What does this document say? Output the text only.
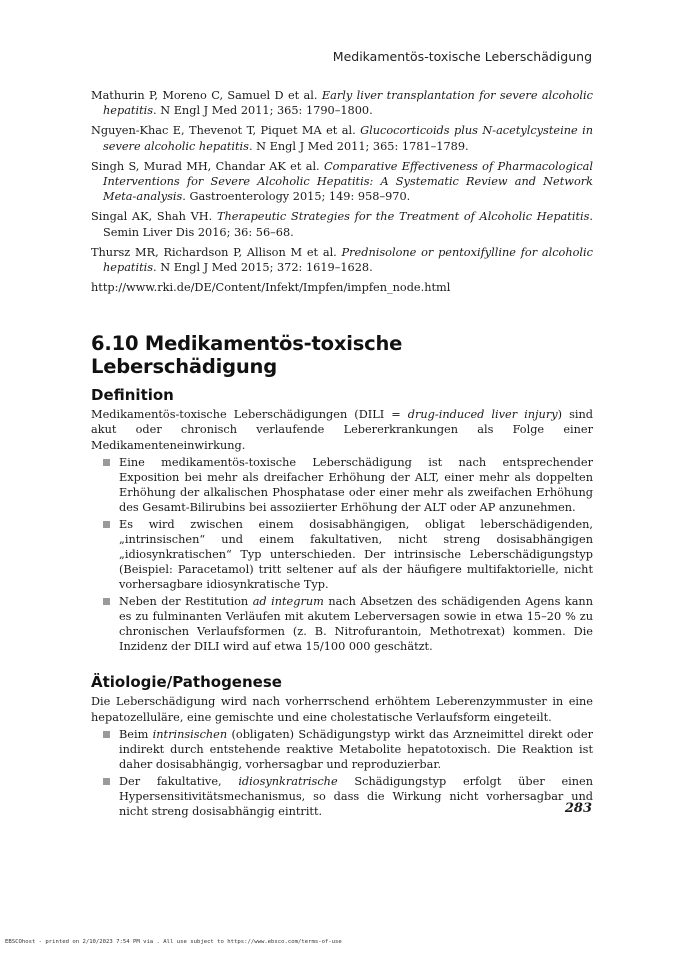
Medikamentös-toxische Leberschädigung
Mathurin P, Moreno C, Samuel D et al. Early liver transplantation for severe alcoholic hepatitis. N Engl J Med 2011; 365: 1790–1800.
Nguyen-Khac E, Thevenot T, Piquet MA et al. Glucocorticoids plus N-acetylcysteine in severe alcoholic hepatitis. N Engl J Med 2011; 365: 1781–1789.
Singh S, Murad MH, Chandar AK et al. Comparative Effectiveness of Pharmacological Interventions for Severe Alcoholic Hepatitis: A Systematic Review and Network Meta-analysis. Gastroenterology 2015; 149: 958–970.
Singal AK, Shah VH. Therapeutic Strategies for the Treatment of Alcoholic Hepatitis. Semin Liver Dis 2016; 36: 56–68.
Thursz MR, Richardson P, Allison M et al. Prednisolone or pentoxifylline for alcoholic hepatitis. N Engl J Med 2015; 372: 1619–1628.
http://www.rki.de/DE/Content/Infekt/Impfen/impfen_node.html
6.10 Medikamentös-toxische Leberschädigung
Definition

Medikamentös-toxische Leberschädigungen (DILI = drug-induced liver injury) sind akut oder chronisch verlaufende Lebererkrankungen als Folge einer Medikamenteneinwirkung.

Eine medikamentös-toxische Leberschädigung ist nach entsprechender Exposition bei mehr als dreifacher Erhöhung der ALT, einer mehr als doppelten Erhöhung der alkalischen Phosphatase oder einer mehr als zweifachen Erhöhung des Gesamt-Bilirubins bei assoziierter Erhöhung der ALT oder AP anzunehmen.
Es wird zwischen einem dosisabhängigen, obligat leberschädigenden, „intrinsischen“ und einem fakultativen, nicht streng dosisabhängigen „idiosynkratischen“ Typ unterschieden. Der intrinsische Leberschädigungstyp (Beispiel: Paracetamol) tritt seltener auf als der häufigere multifaktorielle, nicht vorhersagbare idiosynkratische Typ.
Neben der Restitution ad integrum nach Absetzen des schädigenden Agens kann es zu fulminanten Verläufen mit akutem Leberversagen sowie in etwa 15–20 % zu chronischen Verlaufsformen (z. B. Nitrofurantoin, Methotrexat) kommen. Die Inzidenz der DILI wird auf etwa 15/100 000 geschätzt.
Ätiologie/Pathogenese

Die Leberschädigung wird nach vorherrschend erhöhtem Leberenzymmuster in eine hepatozelluläre, eine gemischte und eine cholestatische Verlaufsform eingeteilt.

Beim intrinsischen (obligaten) Schädigungstyp wirkt das Arzneimittel direkt oder indirekt durch entstehende reaktive Metabolite hepatotoxisch. Die Reaktion ist daher dosisabhängig, vorhersagbar und reproduzierbar.
Der fakultative, idiosynkratrische Schädigungstyp erfolgt über einen Hypersensitivitätsmechanismus, so dass die Wirkung nicht vorhersagbar und nicht streng dosisabhängig eintritt.	283
EBSCOhost - printed on 2/10/2023 7:54 PM via . All use subject to https://www.ebsco.com/terms-of-use
